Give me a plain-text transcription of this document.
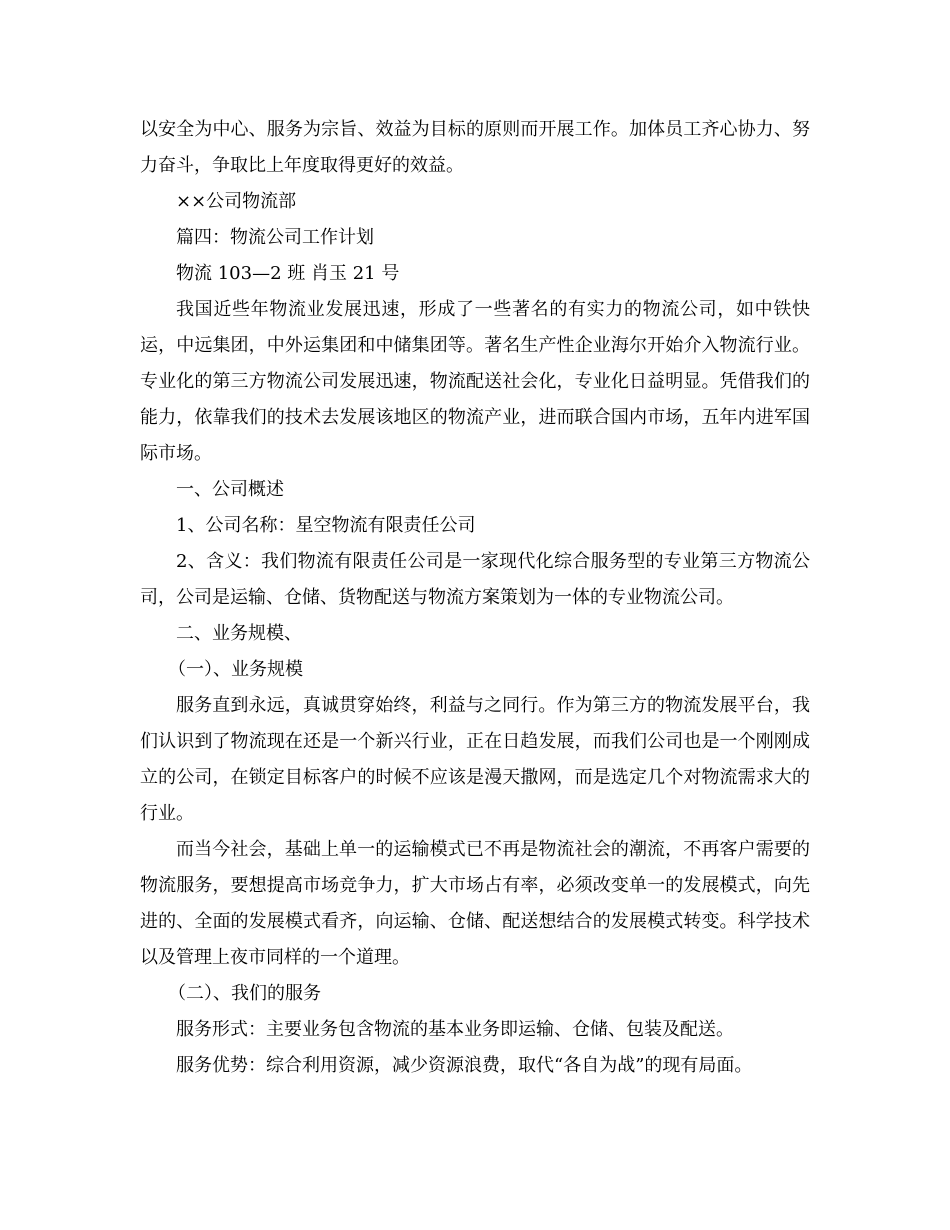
以安全为中心、服务为宗旨、效益为目标的原则而开展工作。加体员工齐心协力、努力奋斗，争取比上年度取得更好的效益。

××公司物流部

篇四：物流公司工作计划

物流 103—2 班 肖玉 21 号

我国近些年物流业发展迅速，形成了一些著名的有实力的物流公司，如中铁快运，中远集团，中外运集团和中储集团等。著名生产性企业海尔开始介入物流行业。专业化的第三方物流公司发展迅速，物流配送社会化，专业化日益明显。凭借我们的能力，依靠我们的技术去发展该地区的物流产业，进而联合国内市场，五年内进军国际市场。

一、公司概述

1、公司名称：星空物流有限责任公司

2、含义：我们物流有限责任公司是一家现代化综合服务型的专业第三方物流公司，公司是运输、仓储、货物配送与物流方案策划为一体的专业物流公司。

二、业务规模、

（一）、业务规模

服务直到永远，真诚贯穿始终，利益与之同行。作为第三方的物流发展平台，我们认识到了物流现在还是一个新兴行业，正在日趋发展，而我们公司也是一个刚刚成立的公司，在锁定目标客户的时候不应该是漫天撒网，而是选定几个对物流需求大的行业。

而当今社会，基础上单一的运输模式已不再是物流社会的潮流，不再客户需要的物流服务，要想提高市场竞争力，扩大市场占有率，必须改变单一的发展模式，向先进的、全面的发展模式看齐，向运输、仓储、配送想结合的发展模式转变。科学技术以及管理上夜市同样的一个道理。

（二）、我们的服务

服务形式：主要业务包含物流的基本业务即运输、仓储、包装及配送。

服务优势：综合利用资源，减少资源浪费，取代“各自为战”的现有局面。
